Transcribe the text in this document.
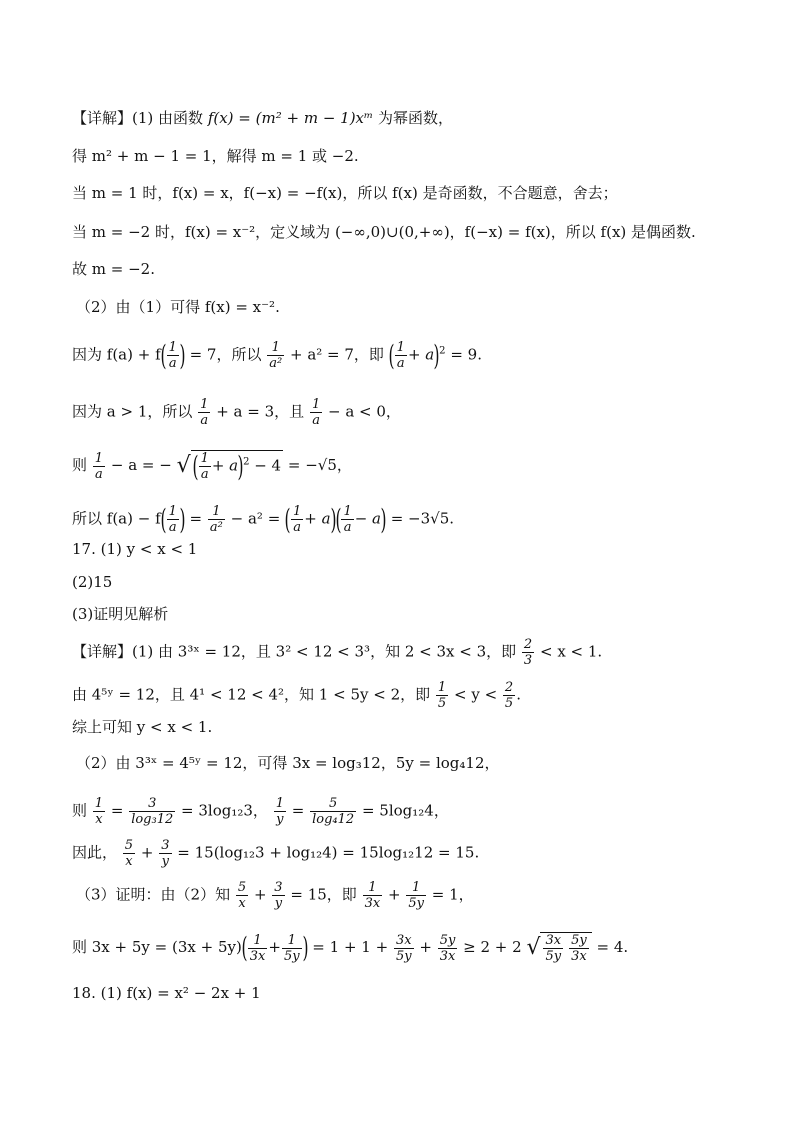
【详解】(1) 由函数 f(x) = (m² + m − 1)xᵐ 为幂函数，
得 m² + m − 1 = 1，解得 m = 1 或 −2.
当 m = 1 时，f(x) = x，f(−x) = −f(x)，所以 f(x) 是奇函数，不合题意，舍去；
当 m = −2 时，f(x) = x⁻²，定义域为 (−∞,0)∪(0,+∞)，f(−x) = f(x)，所以 f(x) 是偶函数.
故 m = −2.
（2）由（1）可得 f(x) = x⁻².
因为 $f(a) + f( \frac{1}{a}$ ) = 7，所以 $\frac{1}{\text{a²}} + a^2 = 7$，即 ( $\frac{1}{a} + a)^2 = 9$.
因为 a > 1，所以 $\frac{1}{a} + a = 3$，且 $\frac{1}{a} - a < 0$，
则 $\frac{1}{a} - a$ = − √( $\frac{1}{a} + a)^2 - 4 = -√5$，
所以 $f(a) - f( \frac{1}{a}$ ) = $\frac{1}{\text{a²}} - a^2$ = ( $\frac{1}{a} + a)( \frac{1}{a} - a) = -3√5$.
17. (1) y < x < 1
(2)15
(3)证明见解析
【详解】(1) 由 3³ˣ = 12，且 3² < 12 < 3³，知 2 < 3x < 3，即 $\frac{2}{3} < x < 1$.
由 4⁵ʸ = 12，且 4¹ < 12 < 4²，知 1 < 5y < 2，即 $\frac{1}{5} < y < \frac{2}{5}$ .
综上可知 y < x < 1.
（2）由 3³ˣ = 4⁵ʸ = 12，可得 3x = log₃12，5y = log₄12，
则 $\frac{1}{x} = \frac{3}{\text{log₃12}} = 3\log_{12}3$， $\frac{1}{y} = \frac{5}{\text{log₄12}} = 5\log_{12}4$，
因此， $\frac{5}{x} + \frac{3}{y} = 15(\log_{12}3 + \log_{12}4) = 15\log_{12}12 = 15$.
（3）证明：由（2）知 $\frac{5}{x} + \frac{3}{y} = 15$，即 $\frac{1}{3x} + \frac{1}{5y} = 1$，
则 $3x + 5y = (3x + 5y)( \frac{1}{3x} + \frac{1}{5y}$ ) = $1 + 1 + \frac{3x}{5y} + \frac{5y}{3x} \ge 2 + 2$ √ $\frac{3x}{5y} \frac{5y}{3x} = 4$.
18. (1) f(x) = x² − 2x + 1
